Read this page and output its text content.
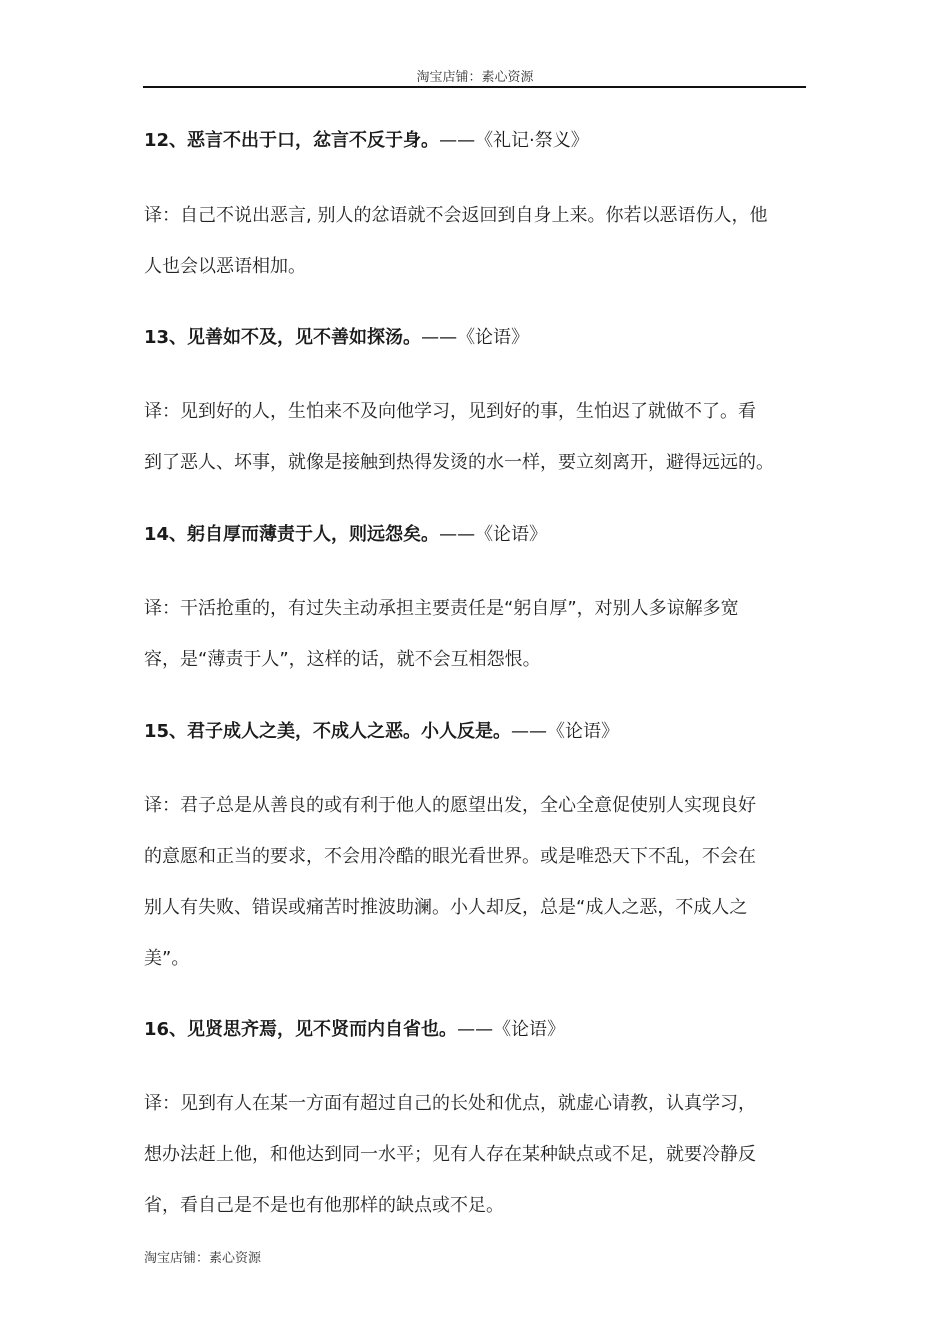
淘宝店铺：素心资源
12、恶言不出于口，忿言不反于身。——《礼记·祭义》
译：自己不说出恶言, 别人的忿语就不会返回到自身上来。你若以恶语伤人，他
人也会以恶语相加。
13、见善如不及，见不善如探汤。——《论语》
译：见到好的人，生怕来不及向他学习，见到好的事，生怕迟了就做不了。看
到了恶人、坏事，就像是接触到热得发烫的水一样，要立刻离开，避得远远的。
14、躬自厚而薄责于人，则远怨矣。——《论语》
译：干活抢重的，有过失主动承担主要责任是“躬自厚”，对别人多谅解多宽
容，是“薄责于人”，这样的话，就不会互相怨恨。
15、君子成人之美，不成人之恶。小人反是。——《论语》
译：君子总是从善良的或有利于他人的愿望出发，全心全意促使别人实现良好
的意愿和正当的要求，不会用冷酷的眼光看世界。或是唯恐天下不乱，不会在
别人有失败、错误或痛苦时推波助澜。小人却反，总是“成人之恶，不成人之
美”。
16、见贤思齐焉，见不贤而内自省也。——《论语》
译：见到有人在某一方面有超过自己的长处和优点，就虚心请教，认真学习，
想办法赶上他，和他达到同一水平；见有人存在某种缺点或不足，就要冷静反
省，看自己是不是也有他那样的缺点或不足。
淘宝店铺：素心资源
